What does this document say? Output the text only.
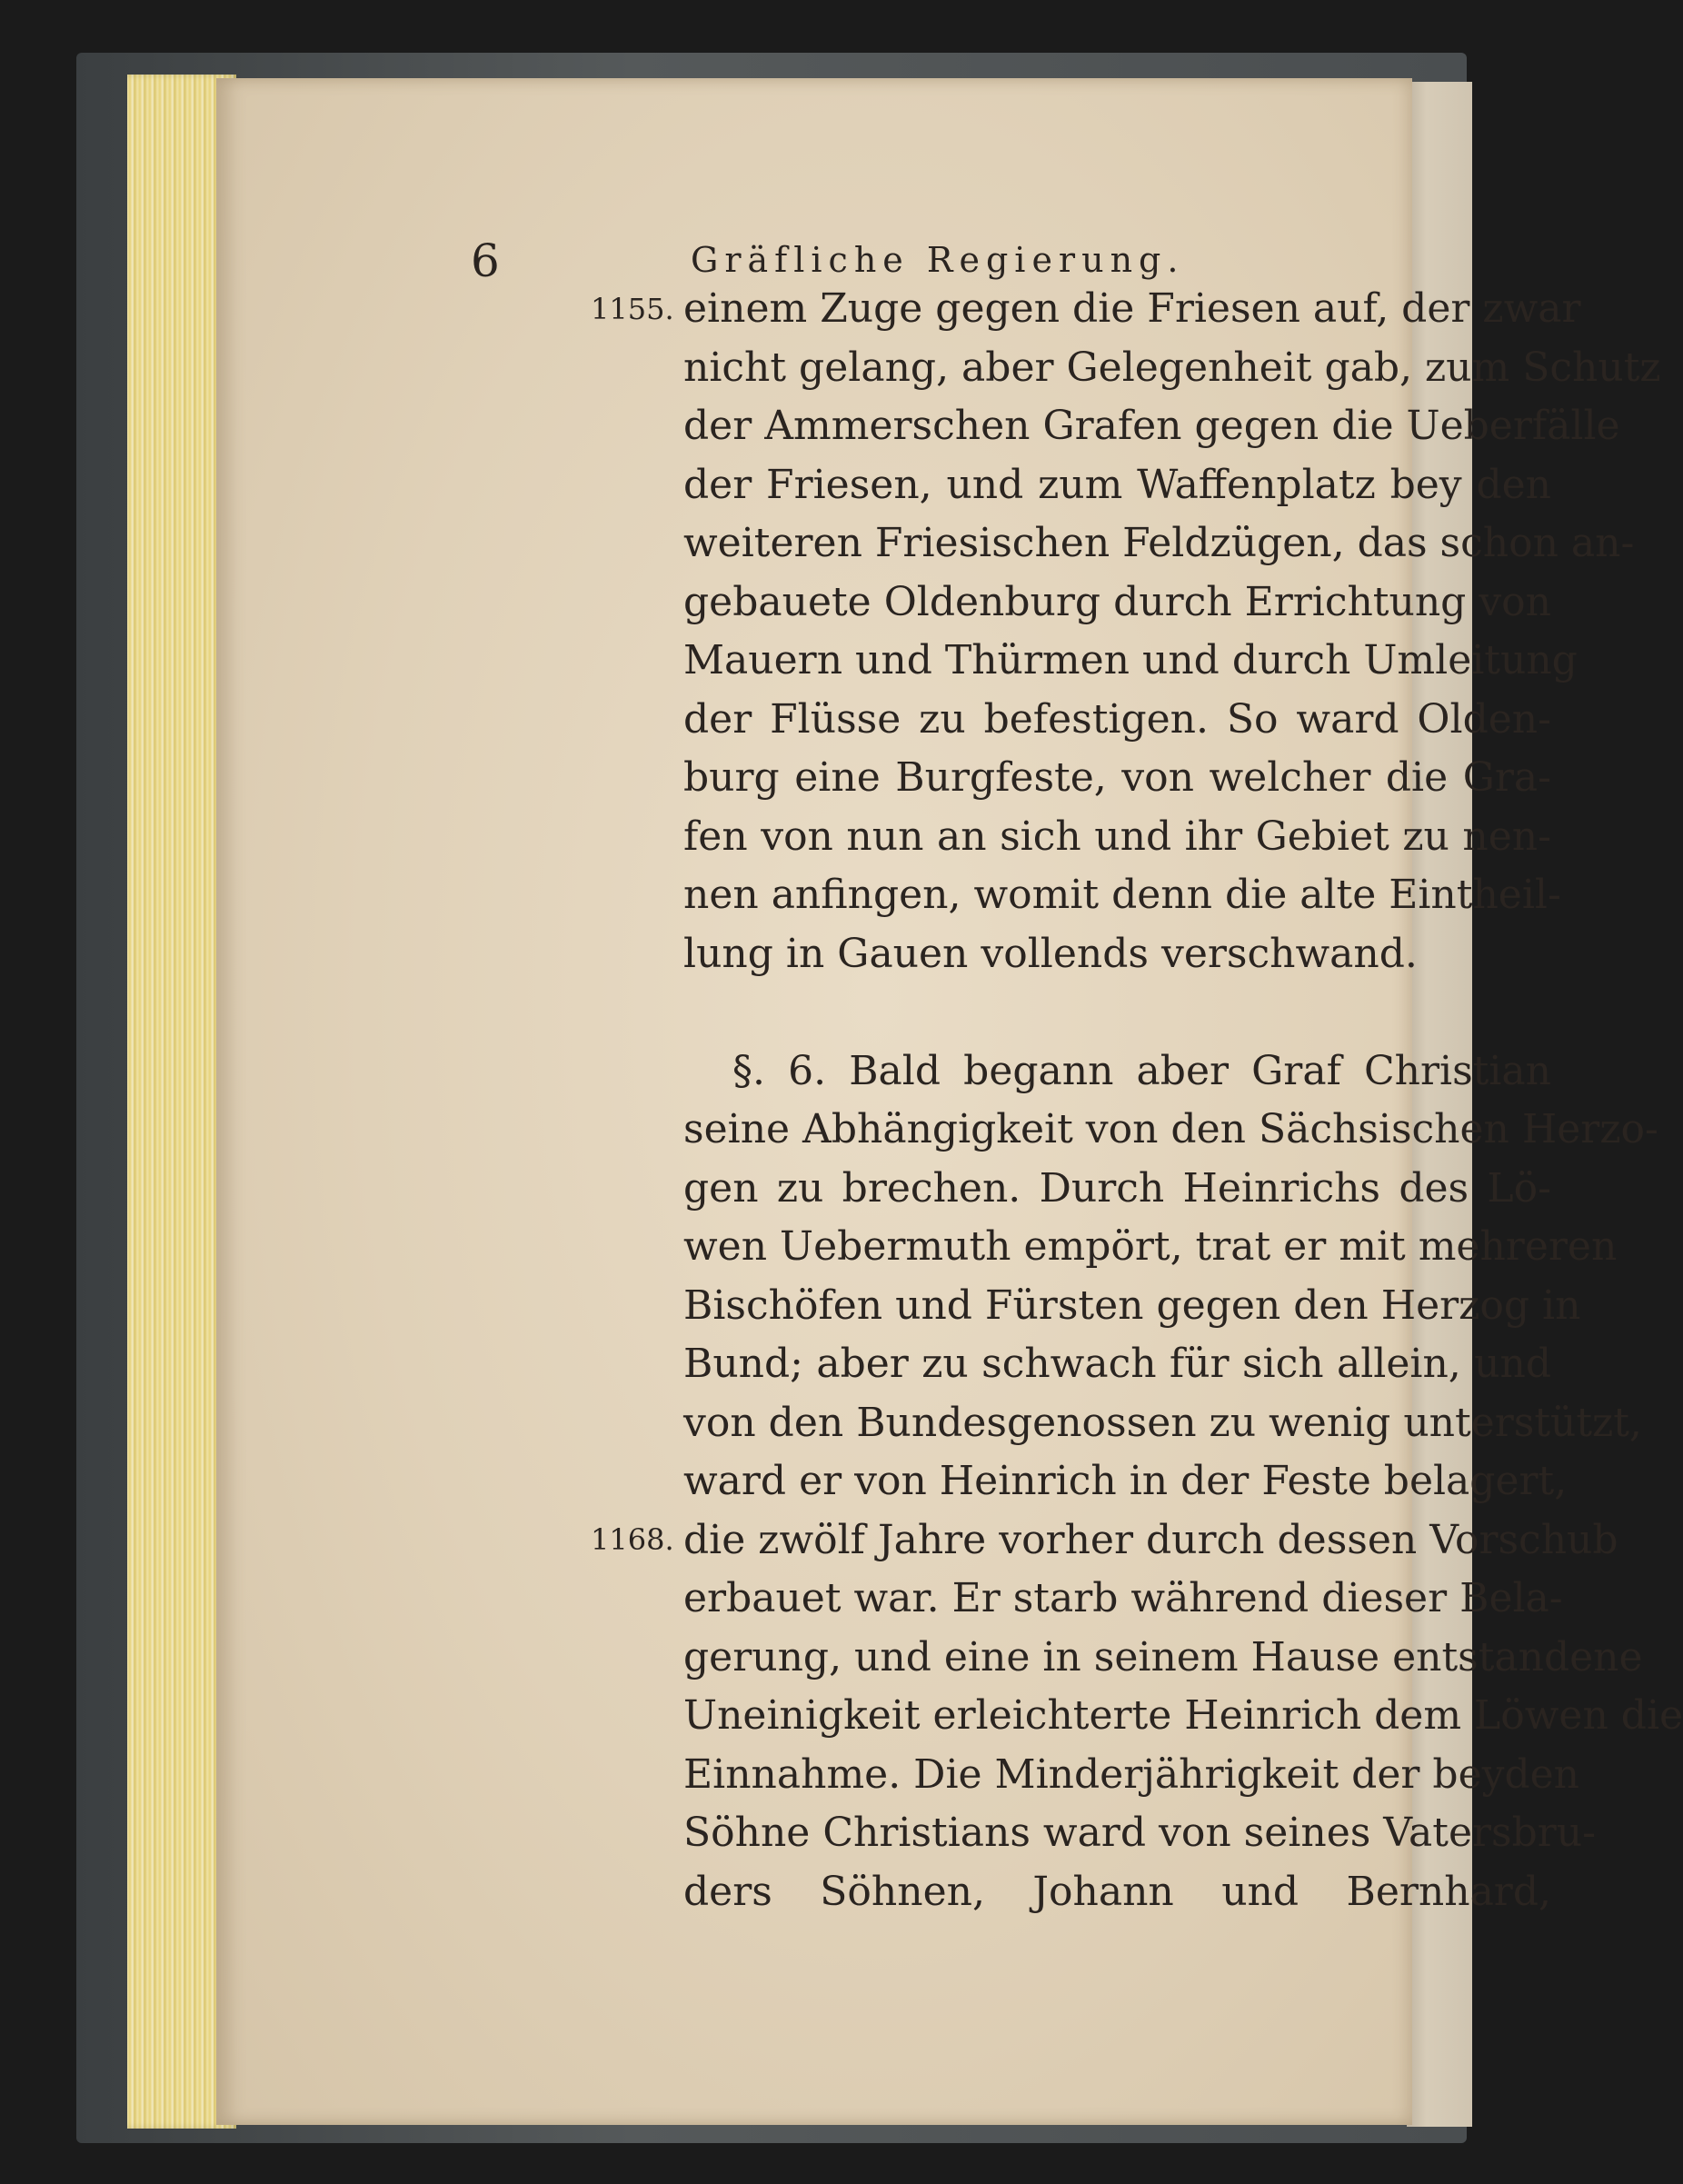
6	Gräfliche Regierung.
1155.
1168.
einem Zuge gegen die Friesen auf, der zwar
nicht gelang, aber Gelegenheit gab, zum Schutz
der Ammerschen Grafen gegen die Ueberfälle
der Friesen, und zum Waffenplatz bey den
weiteren Friesischen Feldzügen, das schon an-
gebauete Oldenburg durch Errichtung von
Mauern und Thürmen und durch Umleitung
der Flüsse zu befestigen. So ward Olden-
burg eine Burgfeste, von welcher die Gra-
fen von nun an sich und ihr Gebiet zu nen-
nen anfingen, womit denn die alte Eintheil-
lung in Gauen vollends verschwand.
§. 6. Bald begann aber Graf Christian
seine Abhängigkeit von den Sächsischen Herzo-
gen zu brechen. Durch Heinrichs des Lö-
wen Uebermuth empört, trat er mit mehreren
Bischöfen und Fürsten gegen den Herzog in
Bund; aber zu schwach für sich allein, und
von den Bundesgenossen zu wenig unterstützt,
ward er von Heinrich in der Feste belagert,
die zwölf Jahre vorher durch dessen Vorschub
erbauet war. Er starb während dieser Bela-
gerung, und eine in seinem Hause entstandene
Uneinigkeit erleichterte Heinrich dem Löwen die
Einnahme. Die Minderjährigkeit der beyden
Söhne Christians ward von seines Vatersbru-
ders Söhnen, Johann und Bernhard,
